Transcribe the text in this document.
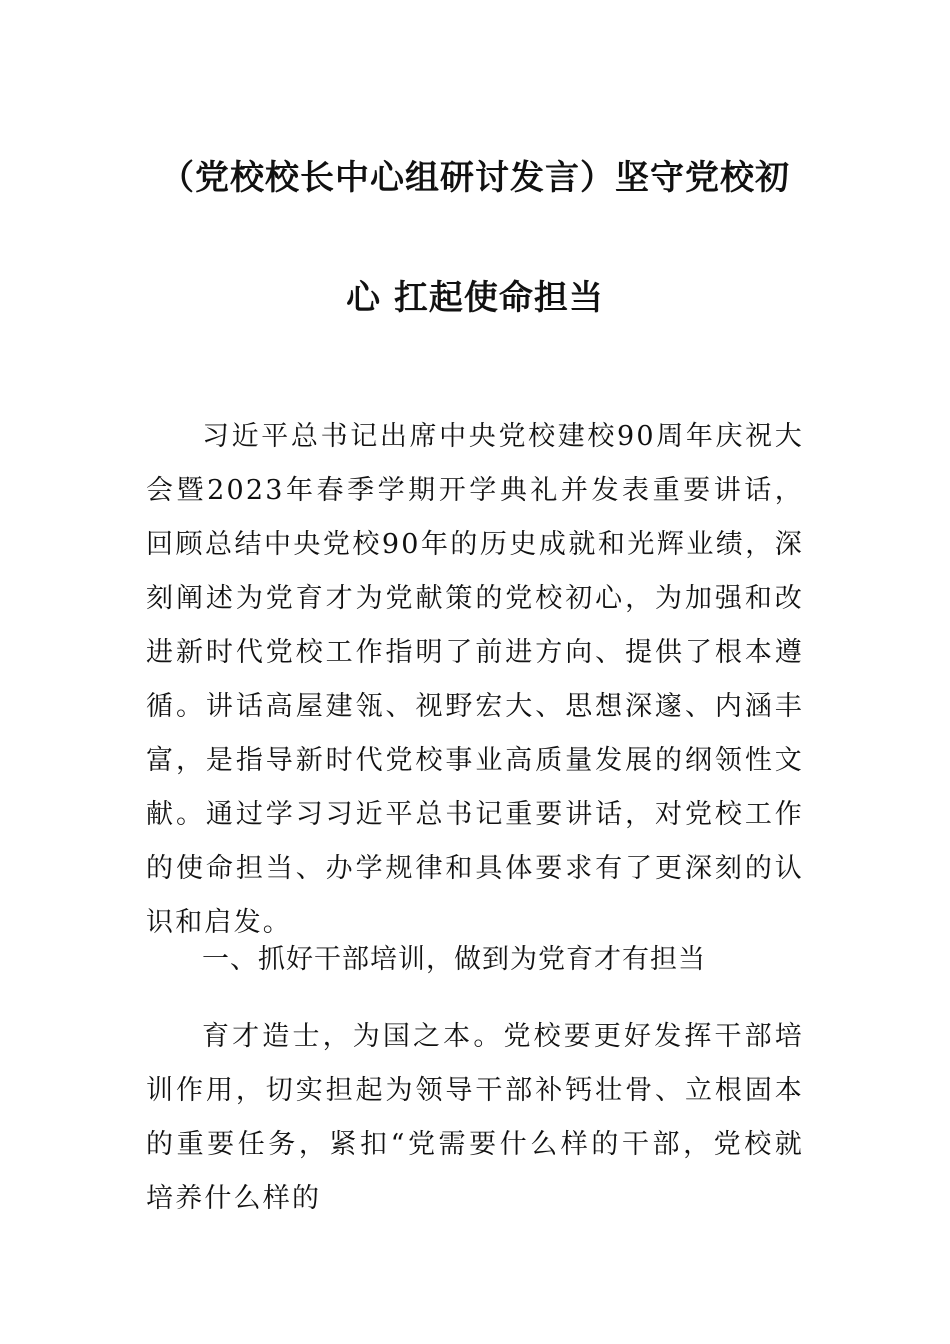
（党校校长中心组研讨发言）坚守党校初
心 扛起使命担当

习近平总书记出席中央党校建校90周年庆祝大会暨2023年春季学期开学典礼并发表重要讲话，回顾总结中央党校90年的历史成就和光辉业绩，深刻阐述为党育才为党献策的党校初心，为加强和改进新时代党校工作指明了前进方向、提供了根本遵循。讲话高屋建瓴、视野宏大、思想深邃、内涵丰富，是指导新时代党校事业高质量发展的纲领性文献。通过学习习近平总书记重要讲话，对党校工作的使命担当、办学规律和具体要求有了更深刻的认识和启发。

一、抓好干部培训，做到为党育才有担当

育才造士，为国之本。党校要更好发挥干部培训作用，切实担起为领导干部补钙壮骨、立根固本的重要任务，紧扣“党需要什么样的干部，党校就培养什么样的
